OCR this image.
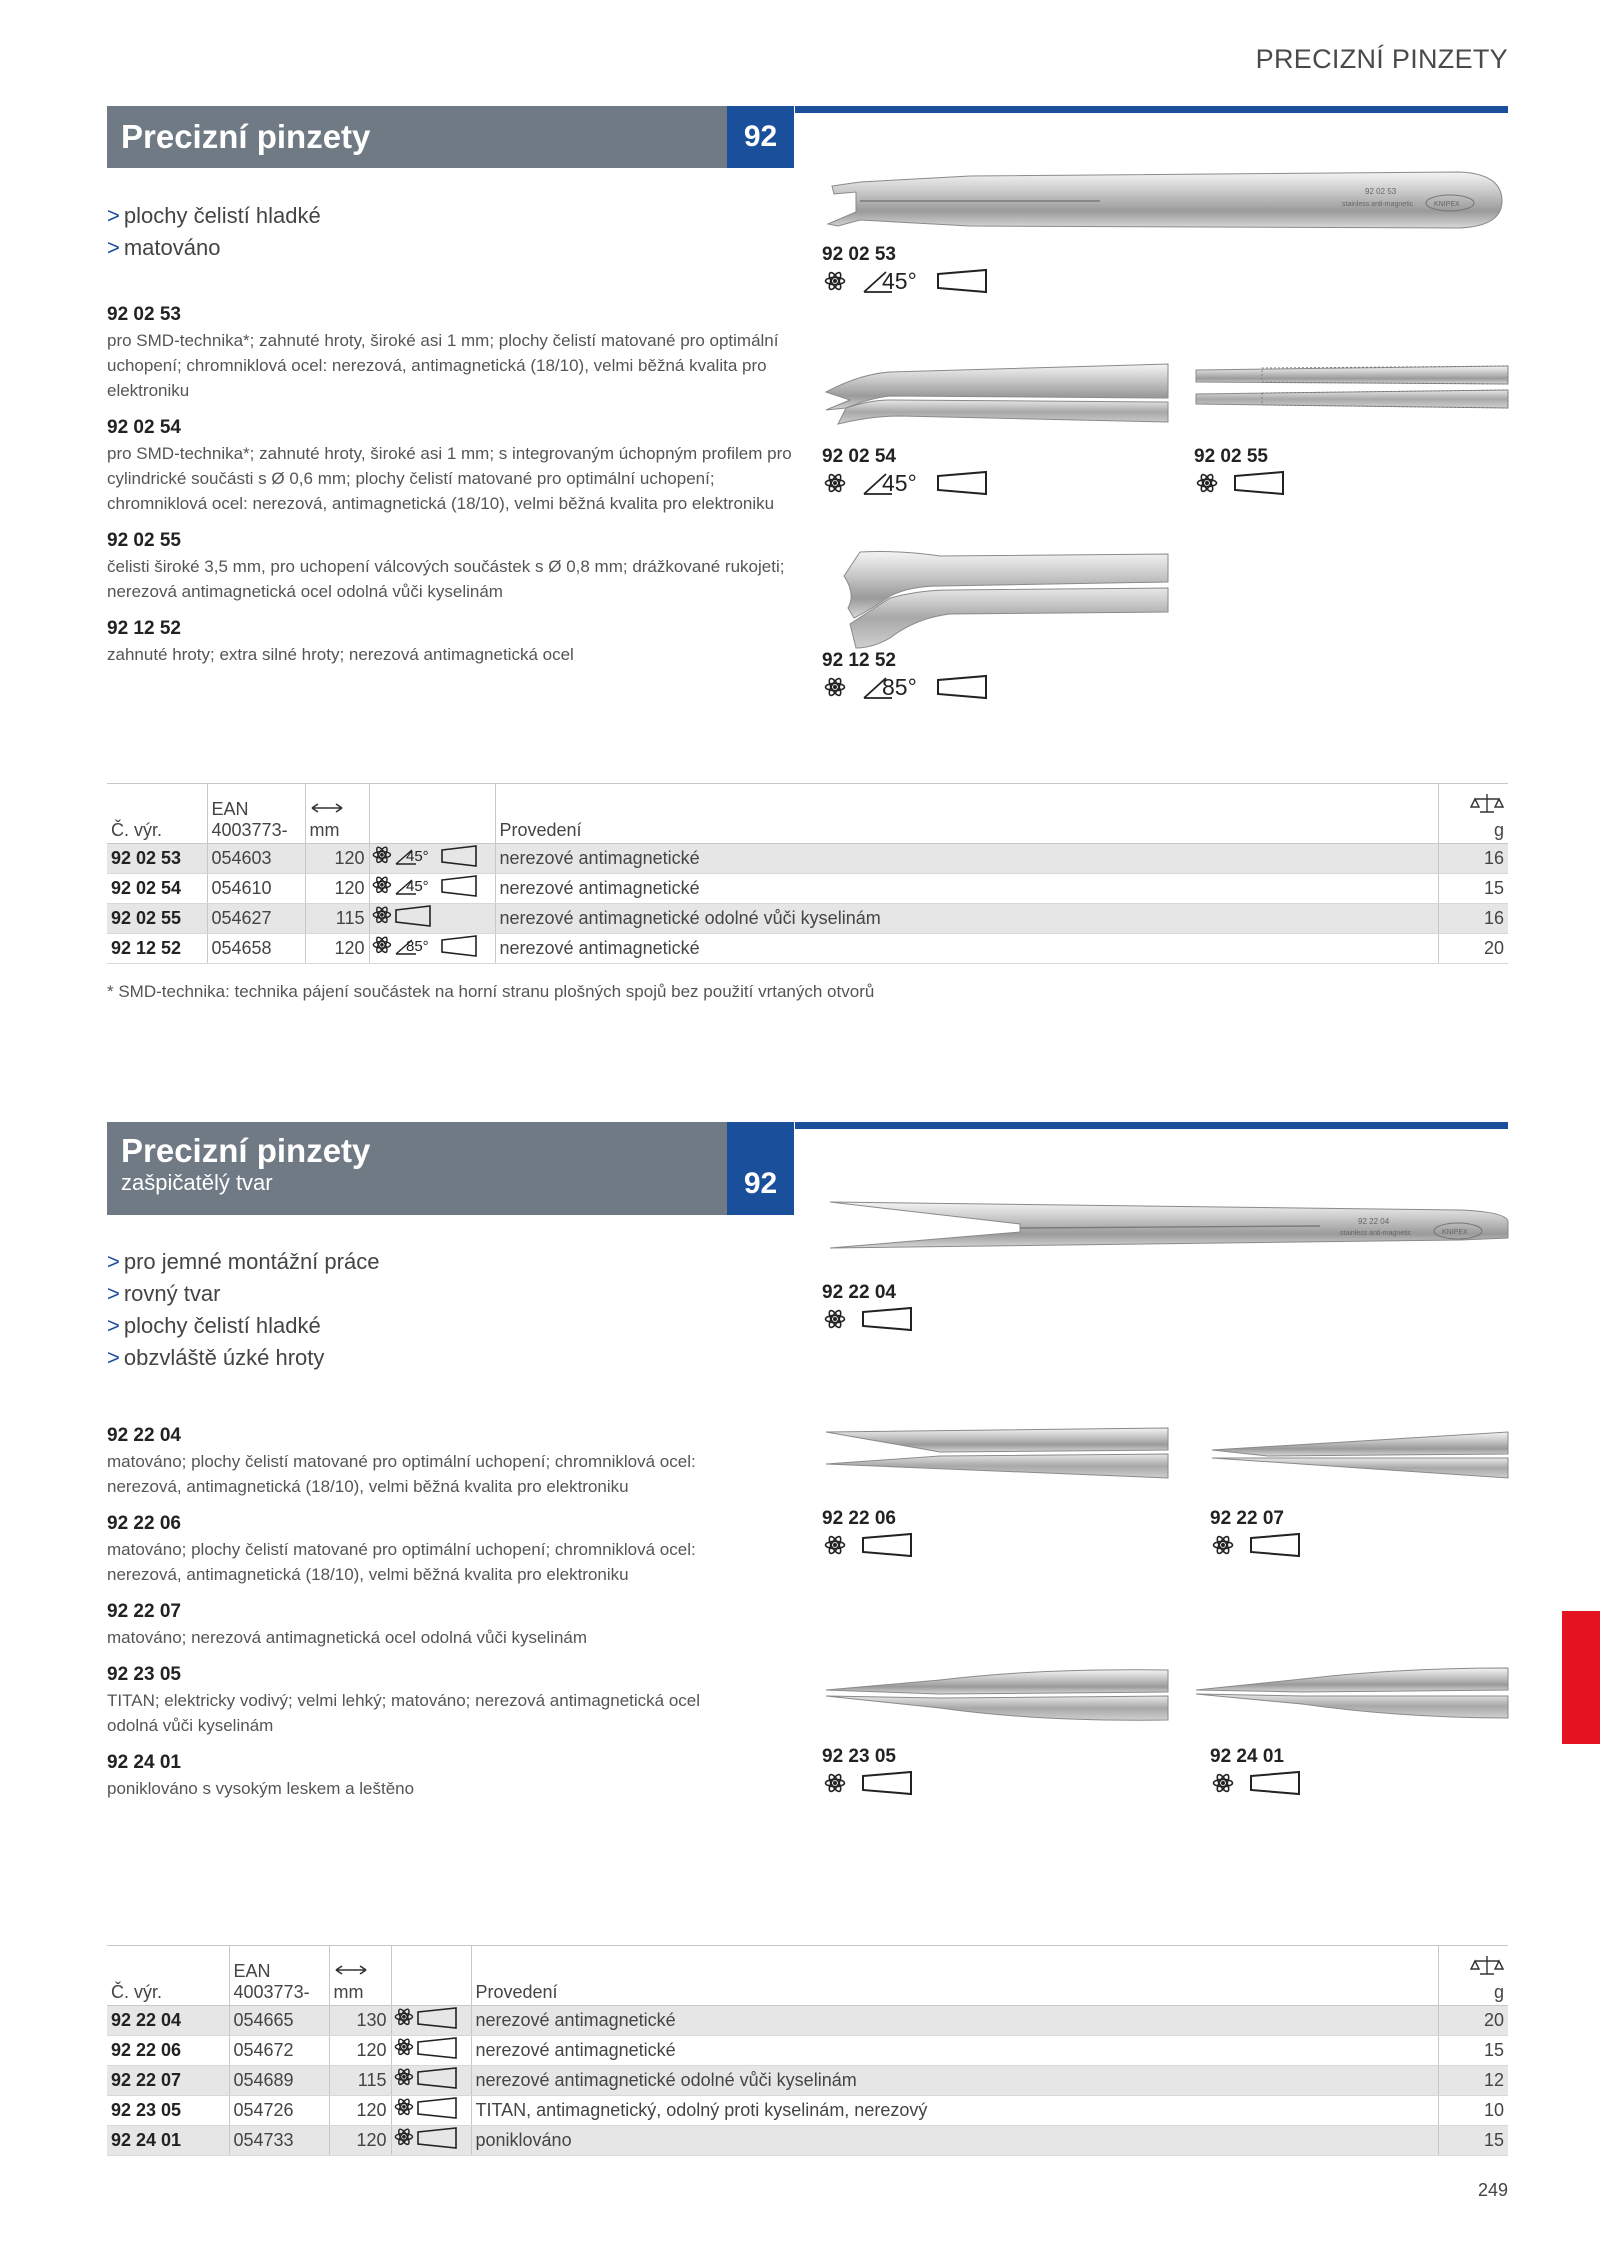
PRECIZNÍ PINZETY
Precizní pinzety	92
> plochy čelistí hladké
> matováno
92 02 53
pro SMD-technika*; zahnuté hroty, široké asi 1 mm; plochy čelistí matované pro optimální uchopení; chromniklová ocel: nerezová, antimagnetická (18/10), velmi běžná kvalita pro elektroniku
92 02 54
pro SMD-technika*; zahnuté hroty, široké asi 1 mm; s integrovaným úchopným profilem pro cylindrické součásti s Ø 0,6 mm; plochy čelistí matované pro optimální uchopení; chromniklová ocel: nerezová, antimagnetická (18/10), velmi běžná kvalita pro elektroniku
92 02 55
čelisti široké 3,5 mm, pro uchopení válcových součástek s Ø 0,8 mm; drážkované rukojeti; nerezová antimagnetická ocel odolná vůči kyselinám
92 12 52
zahnuté hroty; extra silné hroty; nerezová antimagnetická ocel
92 02 53
stainless anti-magnetic	KNIPEX
92 02 53
45°
92 02 54
45°
92 02 55
92 12 52
85°
Č. výr.	EAN
4003773-	mm		Provedení	g

92 02 53	054603	120	45°	nerezové antimagnetické	16
92 02 54	054610	120	45°	nerezové antimagnetické	15
92 02 55	054627	115		nerezové antimagnetické odolné vůči kyselinám	16
92 12 52	054658	120	85°	nerezové antimagnetické	20
* SMD-technika: technika pájení součástek na horní stranu plošných spojů bez použití vrtaných otvorů
Precizní pinzety
zašpičatělý tvar	92
> pro jemné montážní práce
> rovný tvar
> plochy čelistí hladké
> obzvláště úzké hroty
92 22 04
matováno; plochy čelistí matované pro optimální uchopení; chromniklová ocel: nerezová, antimagnetická (18/10), velmi běžná kvalita pro elektroniku
92 22 06
matováno; plochy čelistí matované pro optimální uchopení; chromniklová ocel: nerezová, antimagnetická (18/10), velmi běžná kvalita pro elektroniku
92 22 07
matováno; nerezová antimagnetická ocel odolná vůči kyselinám
92 23 05
TITAN; elektricky vodivý; velmi lehký; matováno; nerezová antimagnetická ocel odolná vůči kyselinám
92 24 01
poniklováno s vysokým leskem a leštěno
92 22 04
stainless anti-magnetic	KNIPEX
92 22 04
92 22 06	92 22 07
92 23 05	92 24 01
Č. výr.	EAN
4003773-	mm		Provedení	g

92 22 04	054665	130		nerezové antimagnetické	20
92 22 06	054672	120		nerezové antimagnetické	15
92 22 07	054689	115		nerezové antimagnetické odolné vůči kyselinám	12
92 23 05	054726	120		TITAN, antimagnetický, odolný proti kyselinám, nerezový	10
92 24 01	054733	120		poniklováno	15
249
